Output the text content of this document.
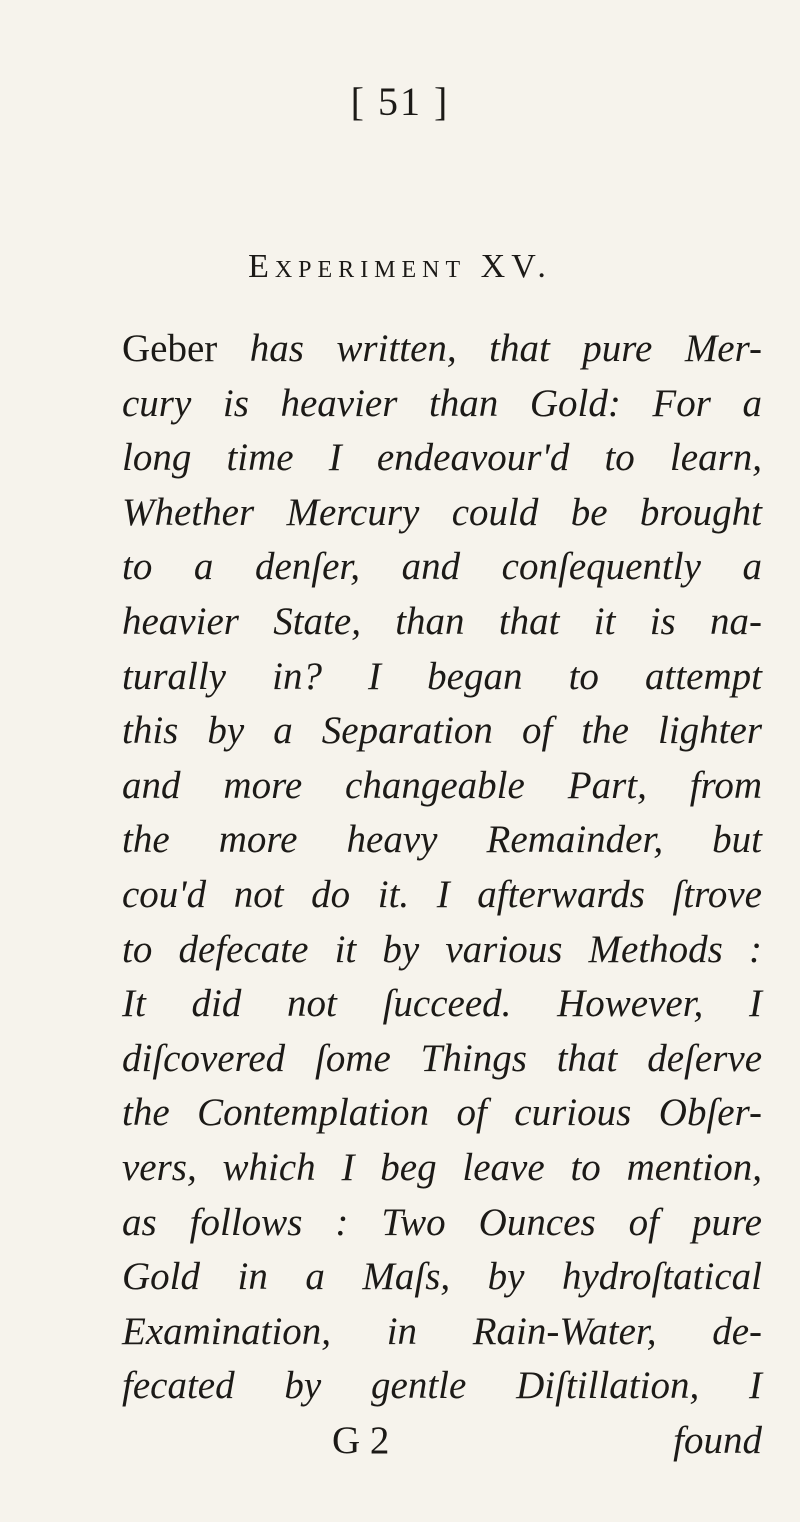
[ 51 ]
Experiment XV.
Geber has written, that pure Mer-
cury is heavier than Gold: For a
long time I endeavour'd to learn,
Whether Mercury could be brought
to a denſer, and conſequently a
heavier State, than that it is na-
turally in? I began to attempt
this by a Separation of the lighter
and more changeable Part, from
the more heavy Remainder, but
cou'd not do it. I afterwards ſtrove
to defecate it by various Methods :
It did not ſucceed. However, I
diſcovered ſome Things that deſerve
the Contemplation of curious Obſer-
vers, which I beg leave to mention,
as follows : Two Ounces of pure
Gold in a Maſs, by hydroſtatical
Examination, in Rain-Water, de-
fecated by gentle Diſtillation, I
G 2	found
